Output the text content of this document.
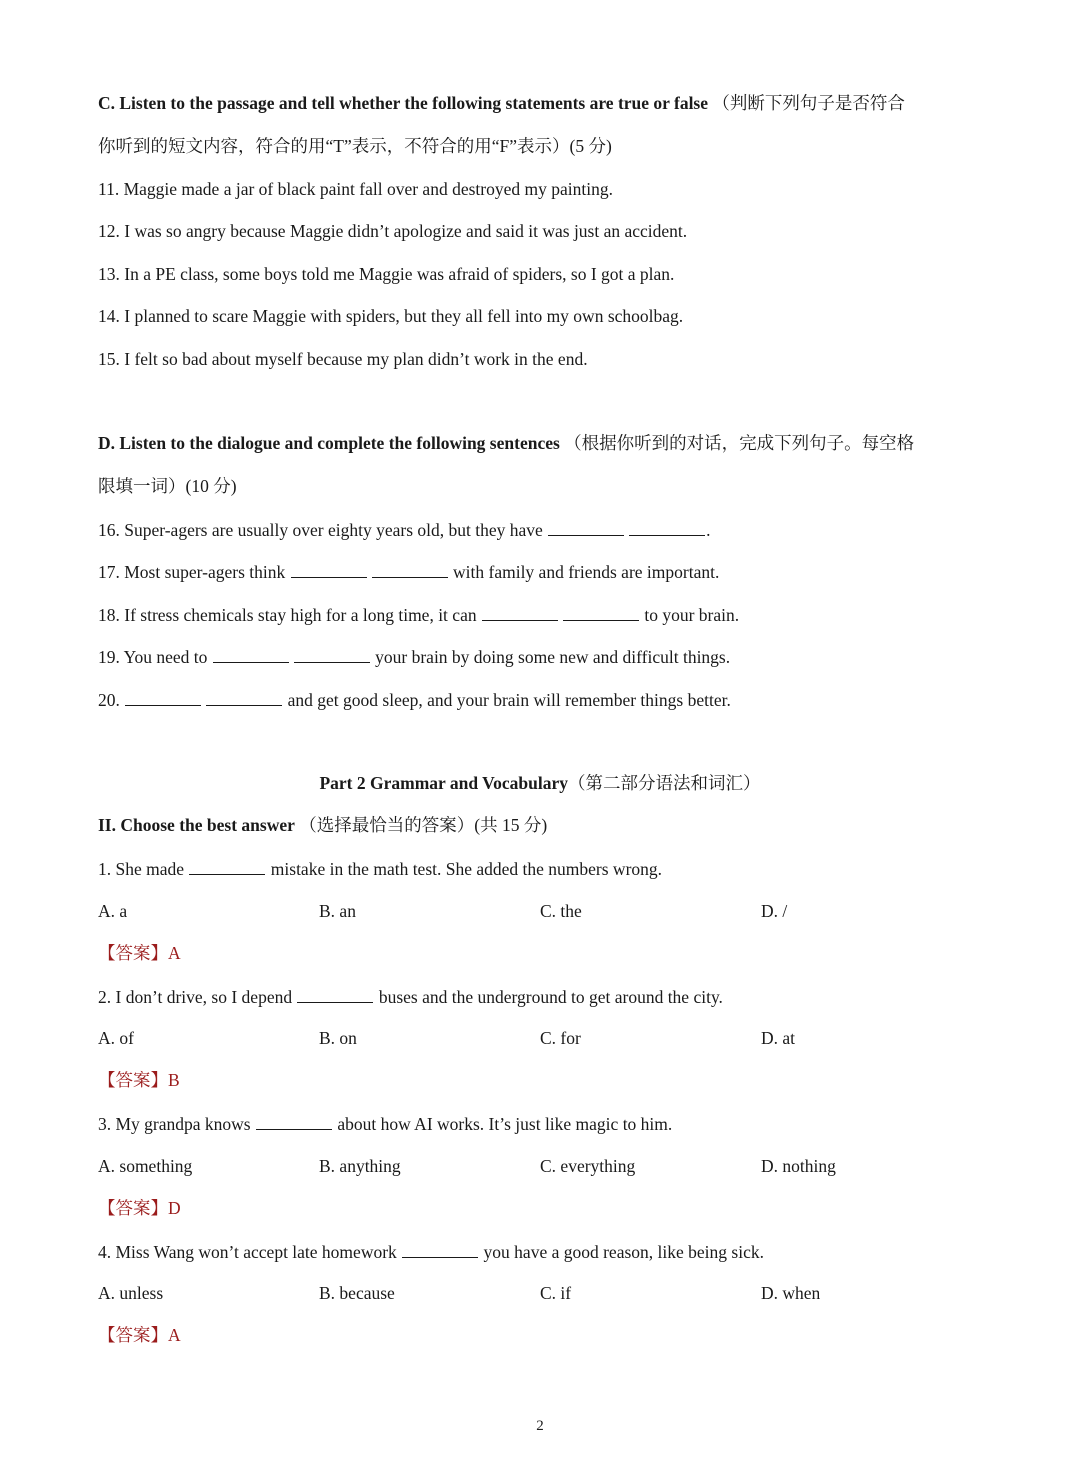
C. Listen to the passage and tell whether the following statements are true or false （判断下列句子是否符合
你听到的短文内容，符合的用“T”表示，不符合的用“F”表示）(5 分)
11. Maggie made a jar of black paint fall over and destroyed my painting.
12. I was so angry because Maggie didn’t apologize and said it was just an accident.
13. In a PE class, some boys told me Maggie was afraid of spiders, so I got a plan.
14. I planned to scare Maggie with spiders, but they all fell into my own schoolbag.
15. I felt so bad about myself because my plan didn’t work in the end.
D. Listen to the dialogue and complete the following sentences （根据你听到的对话，完成下列句子。每空格
限填一词）(10 分)
16. Super-agers are usually over eighty years old, but they have	.
17. Most super-agers think	with family and friends are important.
18. If stress chemicals stay high for a long time, it can	to your brain.
19. You need to	your brain by doing some new and difficult things.
20.	and get good sleep, and your brain will remember things better.
Part 2 Grammar and Vocabulary（第二部分语法和词汇）
II. Choose the best answer （选择最恰当的答案）(共 15 分)
1. She made	mistake in the math test. She added the numbers wrong.
A. a	B. an	C. the	D. /
【答案】A
2. I don’t drive, so I depend	buses and the underground to get around the city.
A. of	B. on	C. for	D. at
【答案】B
3. My grandpa knows	about how AI works. It’s just like magic to him.
A. something	B. anything	C. everything	D. nothing
【答案】D
4. Miss Wang won’t accept late homework	you have a good reason, like being sick.
A. unless	B. because	C. if	D. when
【答案】A
2
